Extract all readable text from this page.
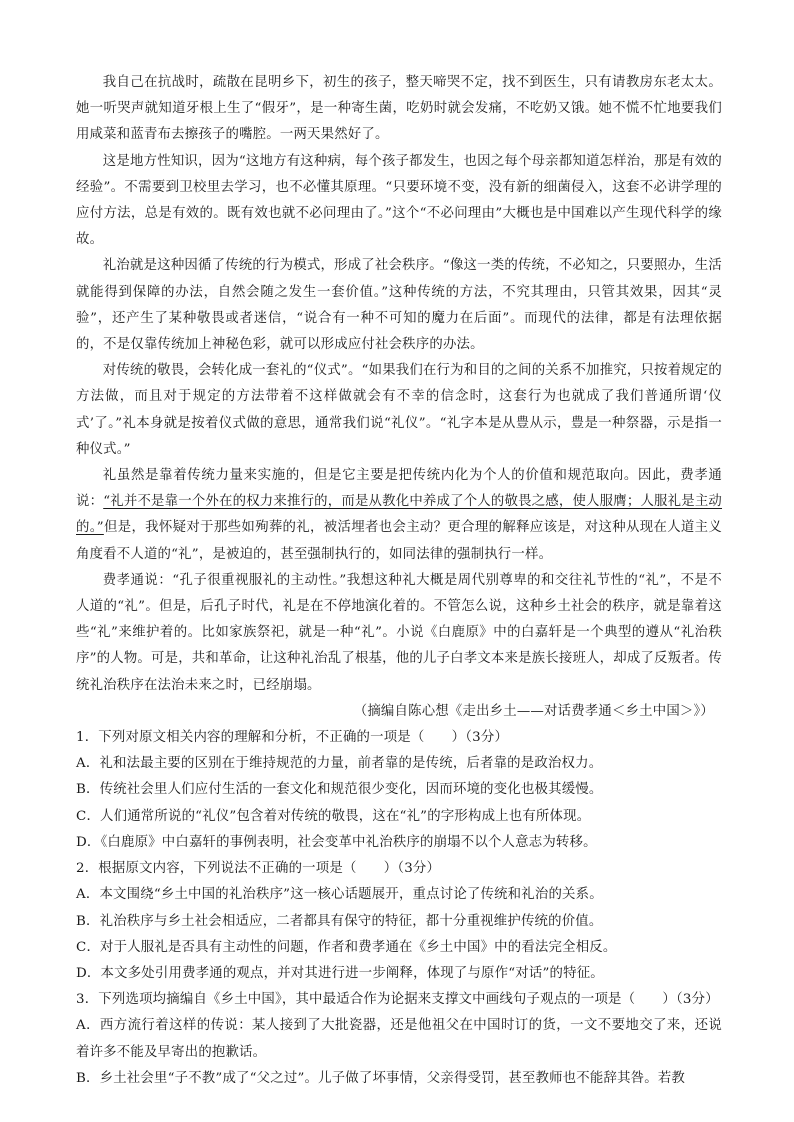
我自己在抗战时，疏散在昆明乡下，初生的孩子，整天啼哭不定，找不到医生，只有请教房东老太太。她一听哭声就知道牙根上生了“假牙”，是一种寄生菌，吃奶时就会发痛，不吃奶又饿。她不慌不忙地要我们用咸菜和蓝青布去擦孩子的嘴腔。一两天果然好了。

这是地方性知识，因为“这地方有这种病，每个孩子都发生，也因之每个母亲都知道怎样治，那是有效的经验”。不需要到卫校里去学习，也不必懂其原理。“只要环境不变，没有新的细菌侵入，这套不必讲学理的应付方法，总是有效的。既有效也就不必问理由了。”这个“不必问理由”大概也是中国难以产生现代科学的缘故。

礼治就是这种因循了传统的行为模式，形成了社会秩序。“像这一类的传统，不必知之，只要照办，生活就能得到保障的办法，自然会随之发生一套价值。”这种传统的方法，不究其理由，只管其效果，因其“灵验”，还产生了某种敬畏或者迷信，“说合有一种不可知的魔力在后面”。而现代的法律，都是有法理依据的，不是仅靠传统加上神秘色彩，就可以形成应付社会秩序的办法。

对传统的敬畏，会转化成一套礼的“仪式”。“如果我们在行为和目的之间的关系不加推究，只按着规定的方法做，而且对于规定的方法带着不这样做就会有不幸的信念时，这套行为也就成了我们普通所谓‘仪式’了。”礼本身就是按着仪式做的意思，通常我们说“礼仪”。“礼字本是从豊从示，豊是一种祭器，示是指一种仪式。”

礼虽然是靠着传统力量来实施的，但是它主要是把传统内化为个人的价值和规范取向。因此，费孝通说：“礼并不是靠一个外在的权力来推行的，而是从教化中养成了个人的敬畏之感，使人服膺；人服礼是主动的。”但是，我怀疑对于那些如殉葬的礼，被活埋者也会主动？更合理的解释应该是，对这种从现在人道主义角度看不人道的“礼”，是被迫的，甚至强制执行的，如同法律的强制执行一样。

费孝通说：“孔子很重视服礼的主动性。”我想这种礼大概是周代别尊卑的和交往礼节性的“礼”，不是不人道的“礼”。但是，后孔子时代，礼是在不停地演化着的。不管怎么说，这种乡土社会的秩序，就是靠着这些“礼”来维护着的。比如家族祭祀，就是一种“礼”。小说《白鹿原》中的白嘉轩是一个典型的遵从“礼治秩序”的人物。可是，共和革命，让这种礼治乱了根基，他的儿子白孝文本来是族长接班人，却成了反叛者。传统礼治秩序在法治未来之时，已经崩塌。

（摘编自陈心想《走出乡土——对话费孝通＜乡土中国＞》）

1．下列对原文相关内容的理解和分析，不正确的一项是（　　）（3分）

A．礼和法最主要的区别在于维持规范的力量，前者靠的是传统，后者靠的是政治权力。

B．传统社会里人们应付生活的一套文化和规范很少变化，因而环境的变化也极其缓慢。

C．人们通常所说的“礼仪”包含着对传统的敬畏，这在“礼”的字形构成上也有所体现。

D．《白鹿原》中白嘉轩的事例表明，社会变革中礼治秩序的崩塌不以个人意志为转移。

2．根据原文内容，下列说法不正确的一项是（　　）（3分）

A．本文围绕“乡土中国的礼治秩序”这一核心话题展开，重点讨论了传统和礼治的关系。

B．礼治秩序与乡土社会相适应，二者都具有保守的特征，都十分重视维护传统的价值。

C．对于人服礼是否具有主动性的问题，作者和费孝通在《乡土中国》中的看法完全相反。

D．本文多处引用费孝通的观点，并对其进行进一步阐释，体现了与原作“对话”的特征。

3．下列选项均摘编自《乡土中国》，其中最适合作为论据来支撑文中画线句子观点的一项是（　　）（3分）

A．西方流行着这样的传说：某人接到了大批瓷器，还是他祖父在中国时订的货，一文不要地交了来，还说着许多不能及早寄出的抱歉话。

B．乡土社会里“子不教”成了“父之过”。儿子做了坏事情，父亲得受罚，甚至教师也不能辞其咎。若教
